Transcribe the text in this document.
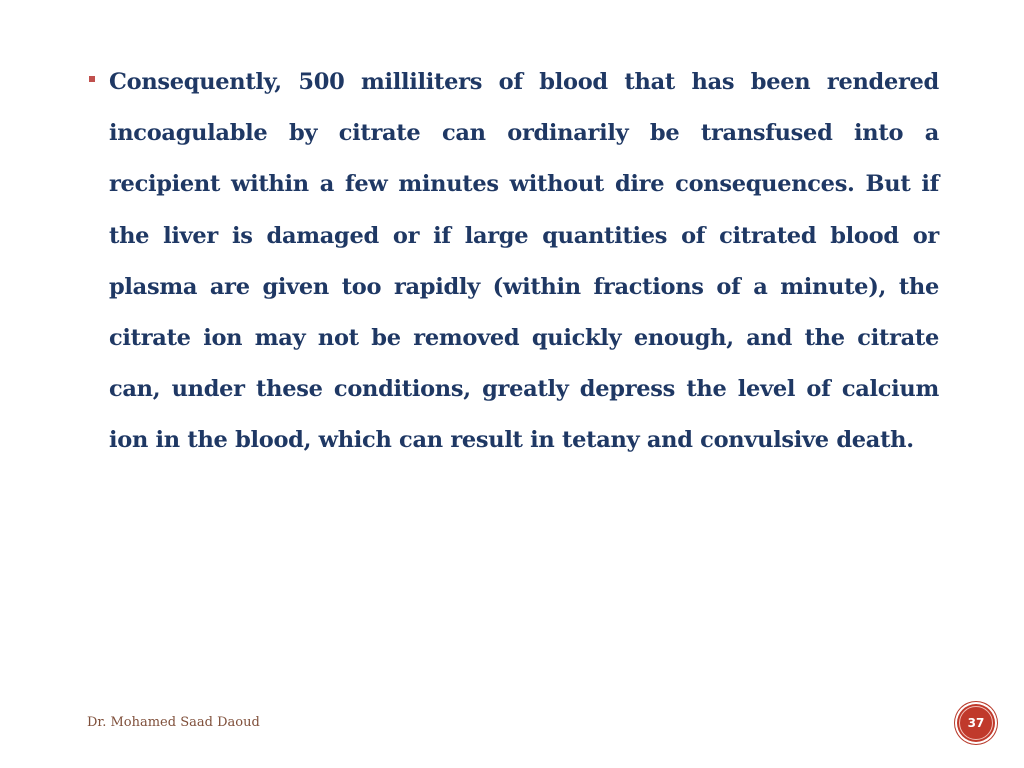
Consequently, 500 milliliters of blood that has been rendered incoagulable by citrate can ordinarily be transfused into a recipient within a few minutes without dire consequences. But if the liver is damaged or if large quantities of citrated blood or plasma are given too rapidly (within fractions of a minute), the citrate ion may not be removed quickly enough, and the citrate can, under these conditions, greatly depress the level of calcium ion in the blood, which can result in tetany and convulsive death.

Dr. Mohamed Saad Daoud	37
